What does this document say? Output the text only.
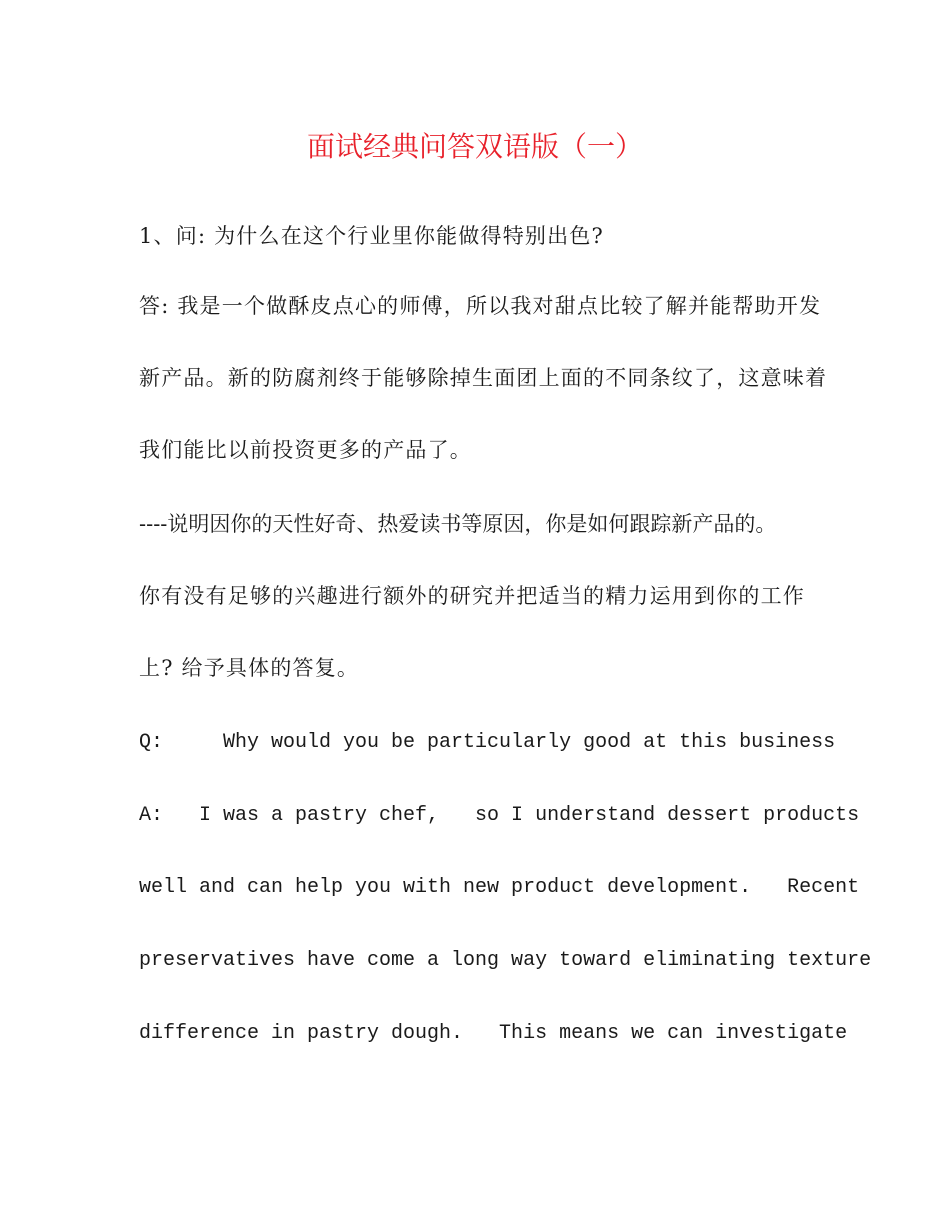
面试经典问答双语版（一）
1、问: 为什么在这个行业里你能做得特别出色?
答: 我是一个做酥皮点心的师傅，所以我对甜点比较了解并能帮助开发
新产品。新的防腐剂终于能够除掉生面团上面的不同条纹了，这意味着
我们能比以前投资更多的产品了。
----说明因你的天性好奇、热爱读书等原因，你是如何跟踪新产品的。
你有没有足够的兴趣进行额外的研究并把适当的精力运用到你的工作
上? 给予具体的答复。
Q:     Why would you be particularly good at this business
A:   I was a pastry chef,   so I understand dessert products
well and can help you with new product development.   Recent
preservatives have come a long way toward eliminating texture
difference in pastry dough.   This means we can investigate
